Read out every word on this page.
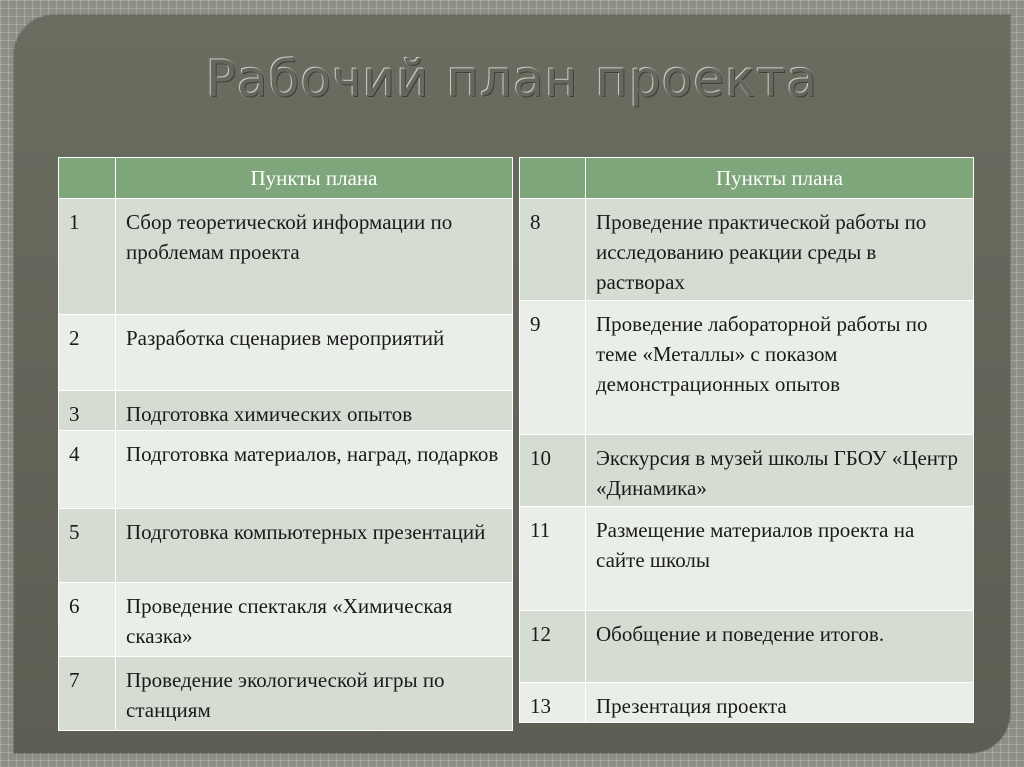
Рабочий план проекта
	Пункты плана
1	Сбор теоретической информации по проблемам проекта
2	Разработка сценариев мероприятий
3	Подготовка химических опытов
4	Подготовка материалов, наград, подарков
5	Подготовка компьютерных презентаций
6	Проведение спектакля «Химическая сказка»
7	Проведение экологической игры по станциям
	Пункты плана
8	Проведение практической работы по исследованию реакции среды в растворах
9	Проведение лабораторной работы по теме «Металлы» с показом демонстрационных опытов
10	Экскурсия в музей школы ГБОУ «Центр «Динамика»
11	Размещение материалов проекта на сайте школы
12	Обобщение и поведение итогов.
13	Презентация проекта
